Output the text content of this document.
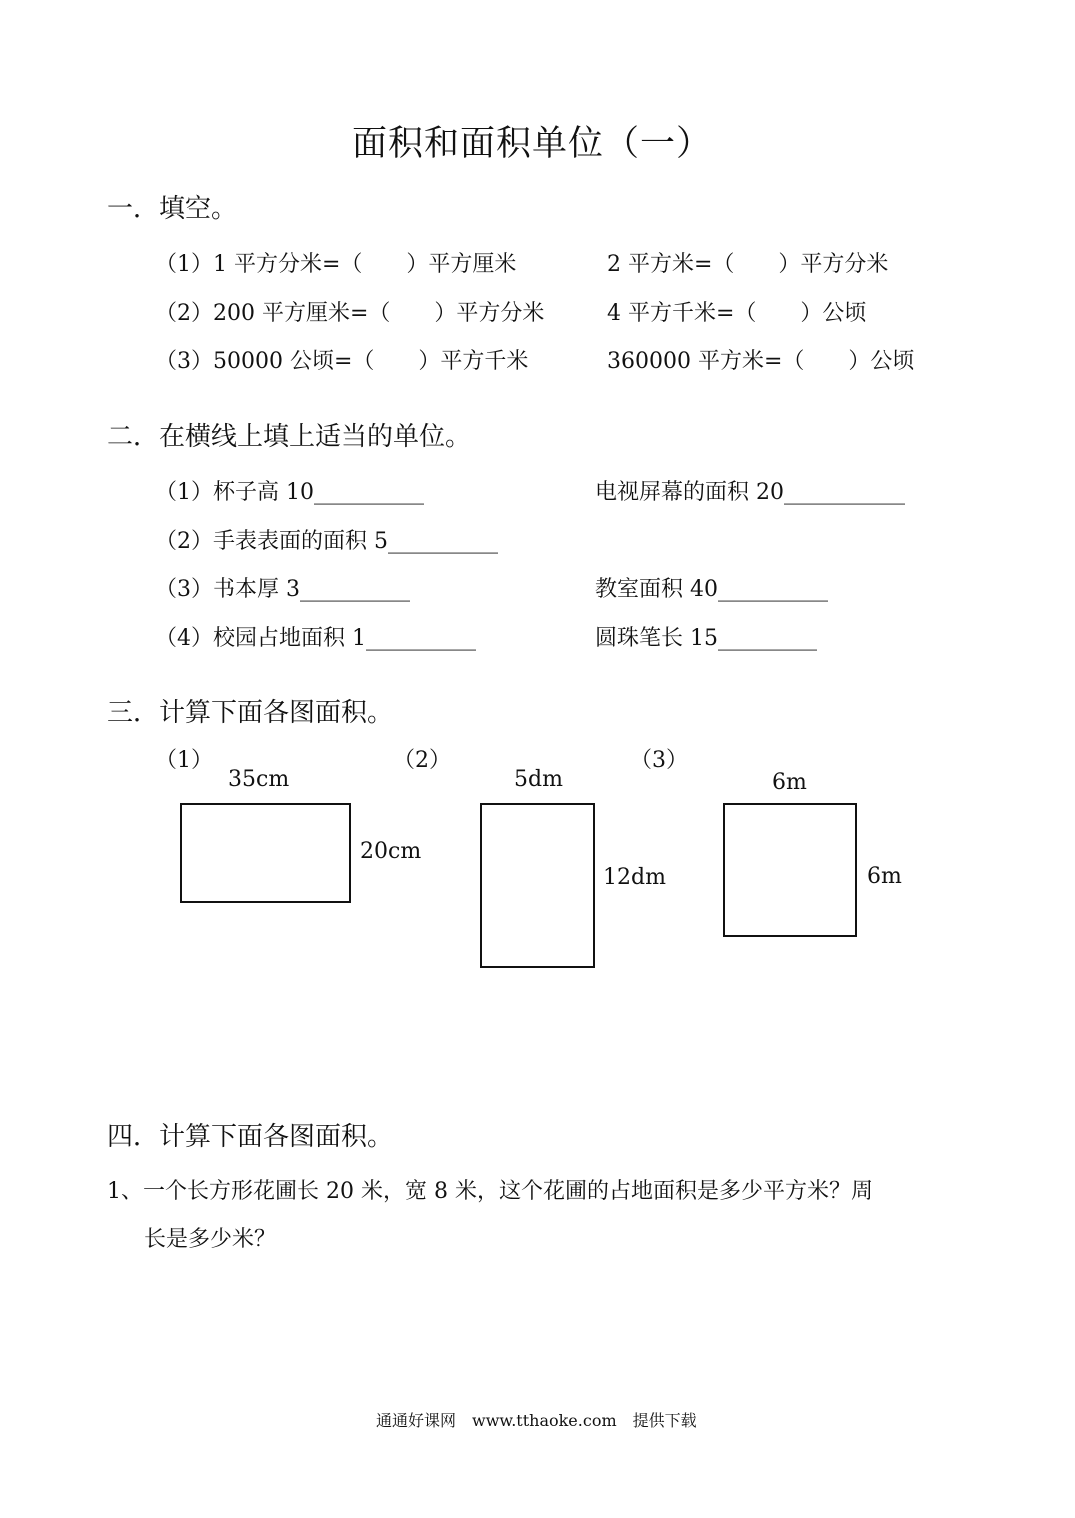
面积和面积单位（一）
一．填空。
（1）1 平方分米=（　　）平方厘米	2 平方米=（　　）平方分米
（2）200 平方厘米=（　　）平方分米	4 平方千米=（　　）公顷
（3）50000 公顷=（　　）平方千米	360000 平方米=（　　）公顷
二．在横线上填上适当的单位。
（1）杯子高 10__________	电视屏幕的面积 20___________
（2）手表表面的面积 5__________
（3）书本厚 3__________	教室面积 40__________
（4）校园占地面积 1__________	圆珠笔长 15_________
三．计算下面各图面积。
（1）
35cm
20cm
（2）
5dm
12dm
（3）
6m
6m
四．计算下面各图面积。
1、一个长方形花圃长 20 米，宽 8 米，这个花圃的占地面积是多少平方米？周
长是多少米？
通通好课网　www.tthaoke.com　提供下载
